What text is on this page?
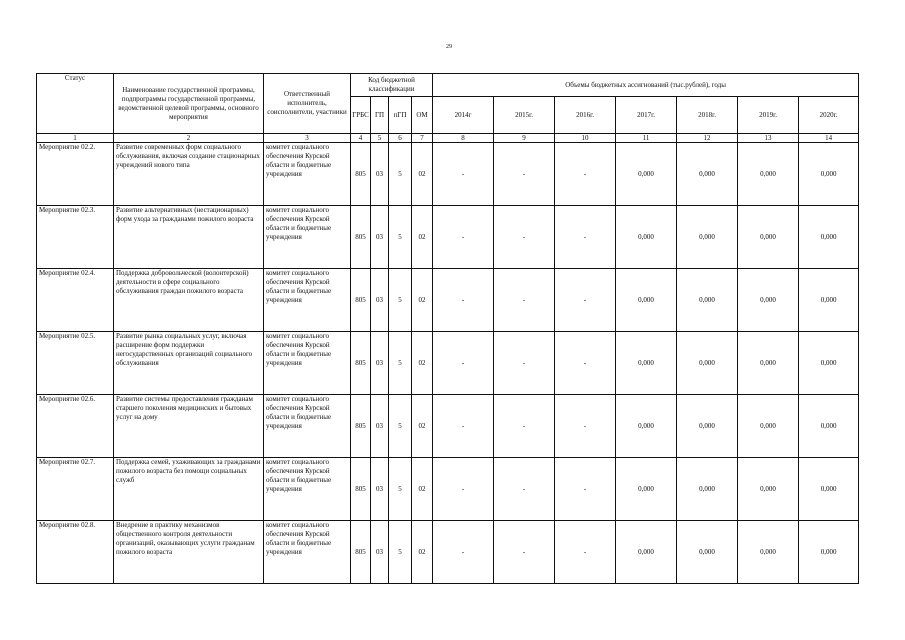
29
Статус	Наименование государственной программы, подпрограммы государственной программы, ведомственной целевой программы, основного мероприятия	Ответственный исполнитель, соисполнители, участники	Код бюджетной классификации				Объемы бюджетных ассигнований (тыс.рублей), годы						
			ГРБС	ГП	пГП	ОМ	2014г	2015г.	2016г.	2017г.	2018г.	2019г.	2020г.
1	2	3	4	5	6	7	8	9	10	11	12	13	14
Мероприятие 02.2.	Развитие современных форм социального обслуживания, включая создание стационарных учреждений нового типа	комитет социального обеспечения Курской области и бюджетные учреждения	805	03	5	02	-	-	-	0,000	0,000	0,000	0,000
Мероприятие 02.3.	Развитие альтернативных (нестационарных) форм ухода за гражданами пожилого возраста	комитет социального обеспечения Курской области и бюджетные учреждения	805	03	5	02	-	-	-	0,000	0,000	0,000	0,000
Мероприятие 02.4.	Поддержка добровольческой (волонтерской) деятельности в сфере социального обслуживания граждан пожилого возраста	комитет социального обеспечения Курской области и бюджетные учреждения	805	03	5	02	-	-	-	0,000	0,000	0,000	0,000
Мероприятие 02.5.	Развитие рынка социальных услуг, включая расширение форм поддержки негосударственных организаций социального обслуживания	комитет социального обеспечения Курской области и бюджетные учреждения	805	03	5	02	-	-	-	0,000	0,000	0,000	0,000
Мероприятие 02.6.	Развитие системы предоставления гражданам старшего поколения медицинских и бытовых услуг на дому	комитет социального обеспечения Курской области и бюджетные учреждения	805	03	5	02	-	-	-	0,000	0,000	0,000	0,000
Мероприятие 02.7.	Поддержка семей, ухаживающих за гражданами пожилого возраста без помощи социальных служб	комитет социального обеспечения Курской области и бюджетные учреждения	805	03	5	02	-	-	-	0,000	0,000	0,000	0,000
Мероприятие 02.8.	Внедрение в практику механизмов общественного контроля деятельности организаций, оказывающих услуги гражданам пожилого возраста	комитет социального обеспечения Курской области и бюджетные учреждения	805	03	5	02	-	-	-	0,000	0,000	0,000	0,000
